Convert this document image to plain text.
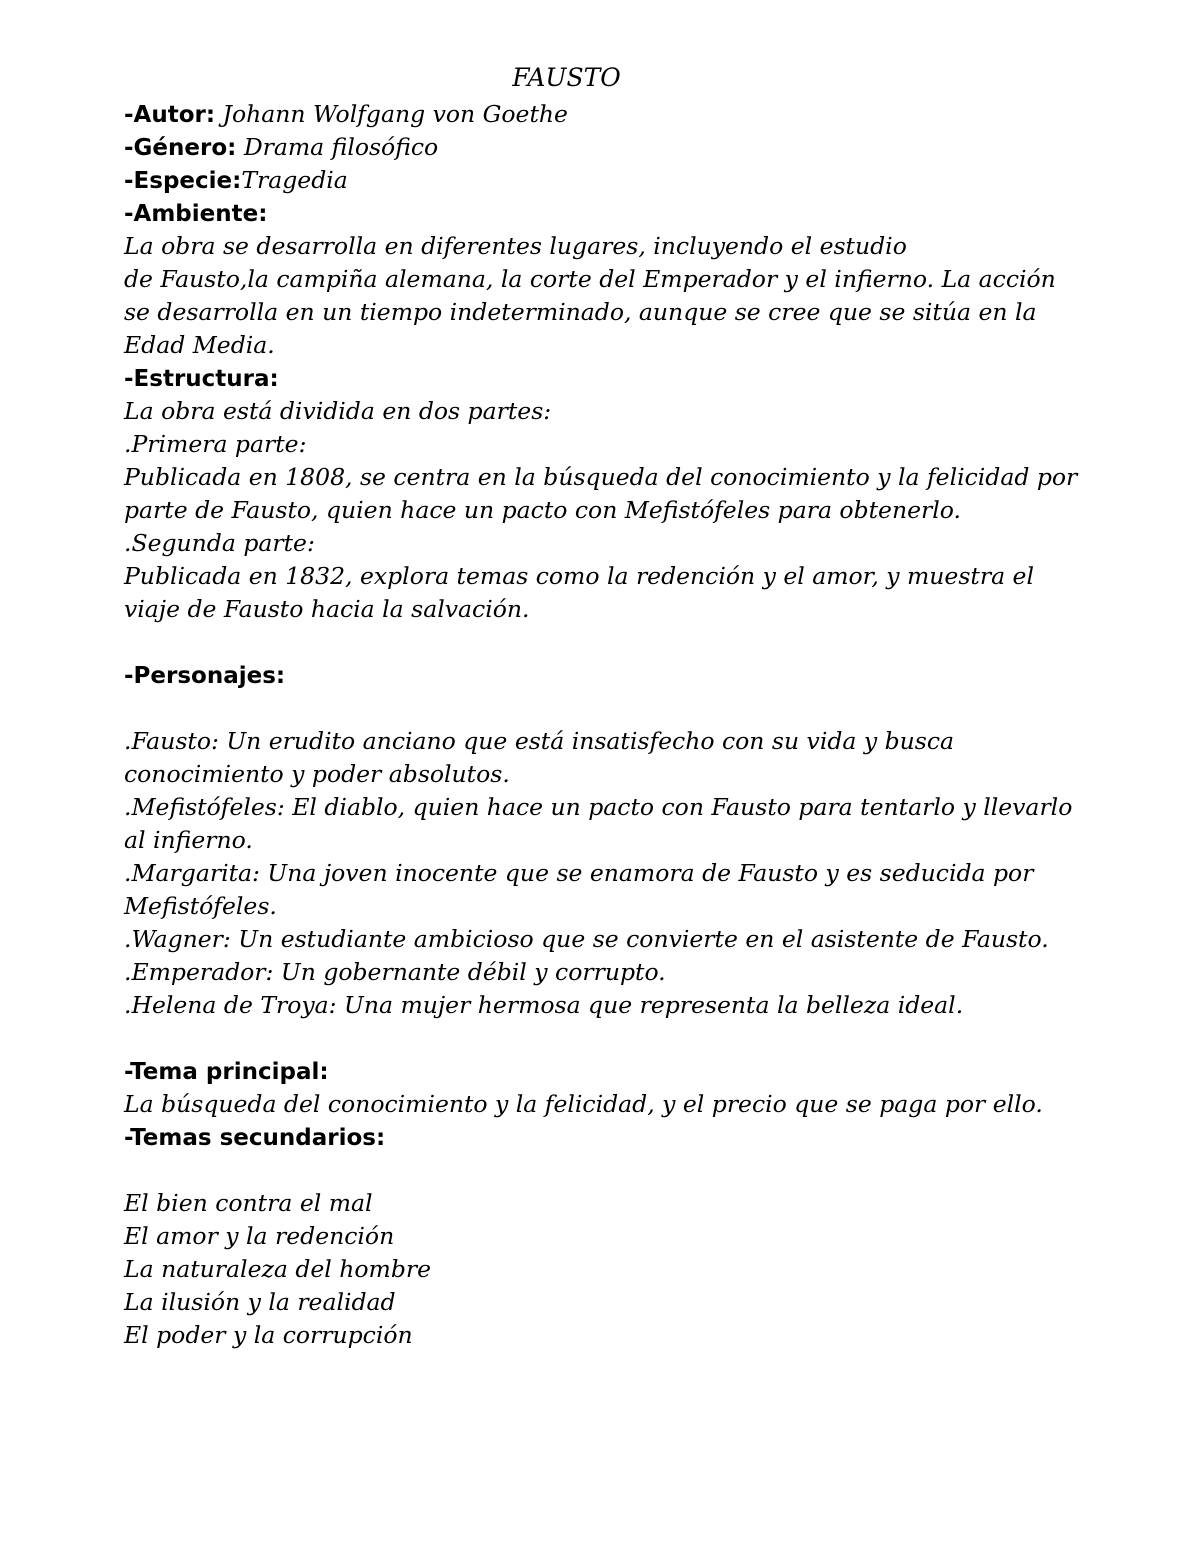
FAUSTO
-Autor: Johann Wolfgang von Goethe
-Género: Drama filosófico
-Especie:Tragedia
-Ambiente:
La obra se desarrolla en diferentes lugares, incluyendo el estudio
de Fausto,la campiña alemana, la corte del Emperador y el infierno. La acción
se desarrolla en un tiempo indeterminado, aunque se cree que se sitúa en la
Edad Media.
-Estructura:
La obra está dividida en dos partes:
.Primera parte:
Publicada en 1808, se centra en la búsqueda del conocimiento y la felicidad por
parte de Fausto, quien hace un pacto con Mefistófeles para obtenerlo.
.Segunda parte:
Publicada en 1832, explora temas como la redención y el amor, y muestra el
viaje de Fausto hacia la salvación.
-Personajes:
.Fausto: Un erudito anciano que está insatisfecho con su vida y busca
conocimiento y poder absolutos.
.Mefistófeles: El diablo, quien hace un pacto con Fausto para tentarlo y llevarlo
al infierno.
.Margarita: Una joven inocente que se enamora de Fausto y es seducida por
Mefistófeles.
.Wagner: Un estudiante ambicioso que se convierte en el asistente de Fausto.
.Emperador: Un gobernante débil y corrupto.
.Helena de Troya: Una mujer hermosa que representa la belleza ideal.
-Tema principal:
La búsqueda del conocimiento y la felicidad, y el precio que se paga por ello.
-Temas secundarios:
El bien contra el mal
El amor y la redención
La naturaleza del hombre
La ilusión y la realidad
El poder y la corrupción
